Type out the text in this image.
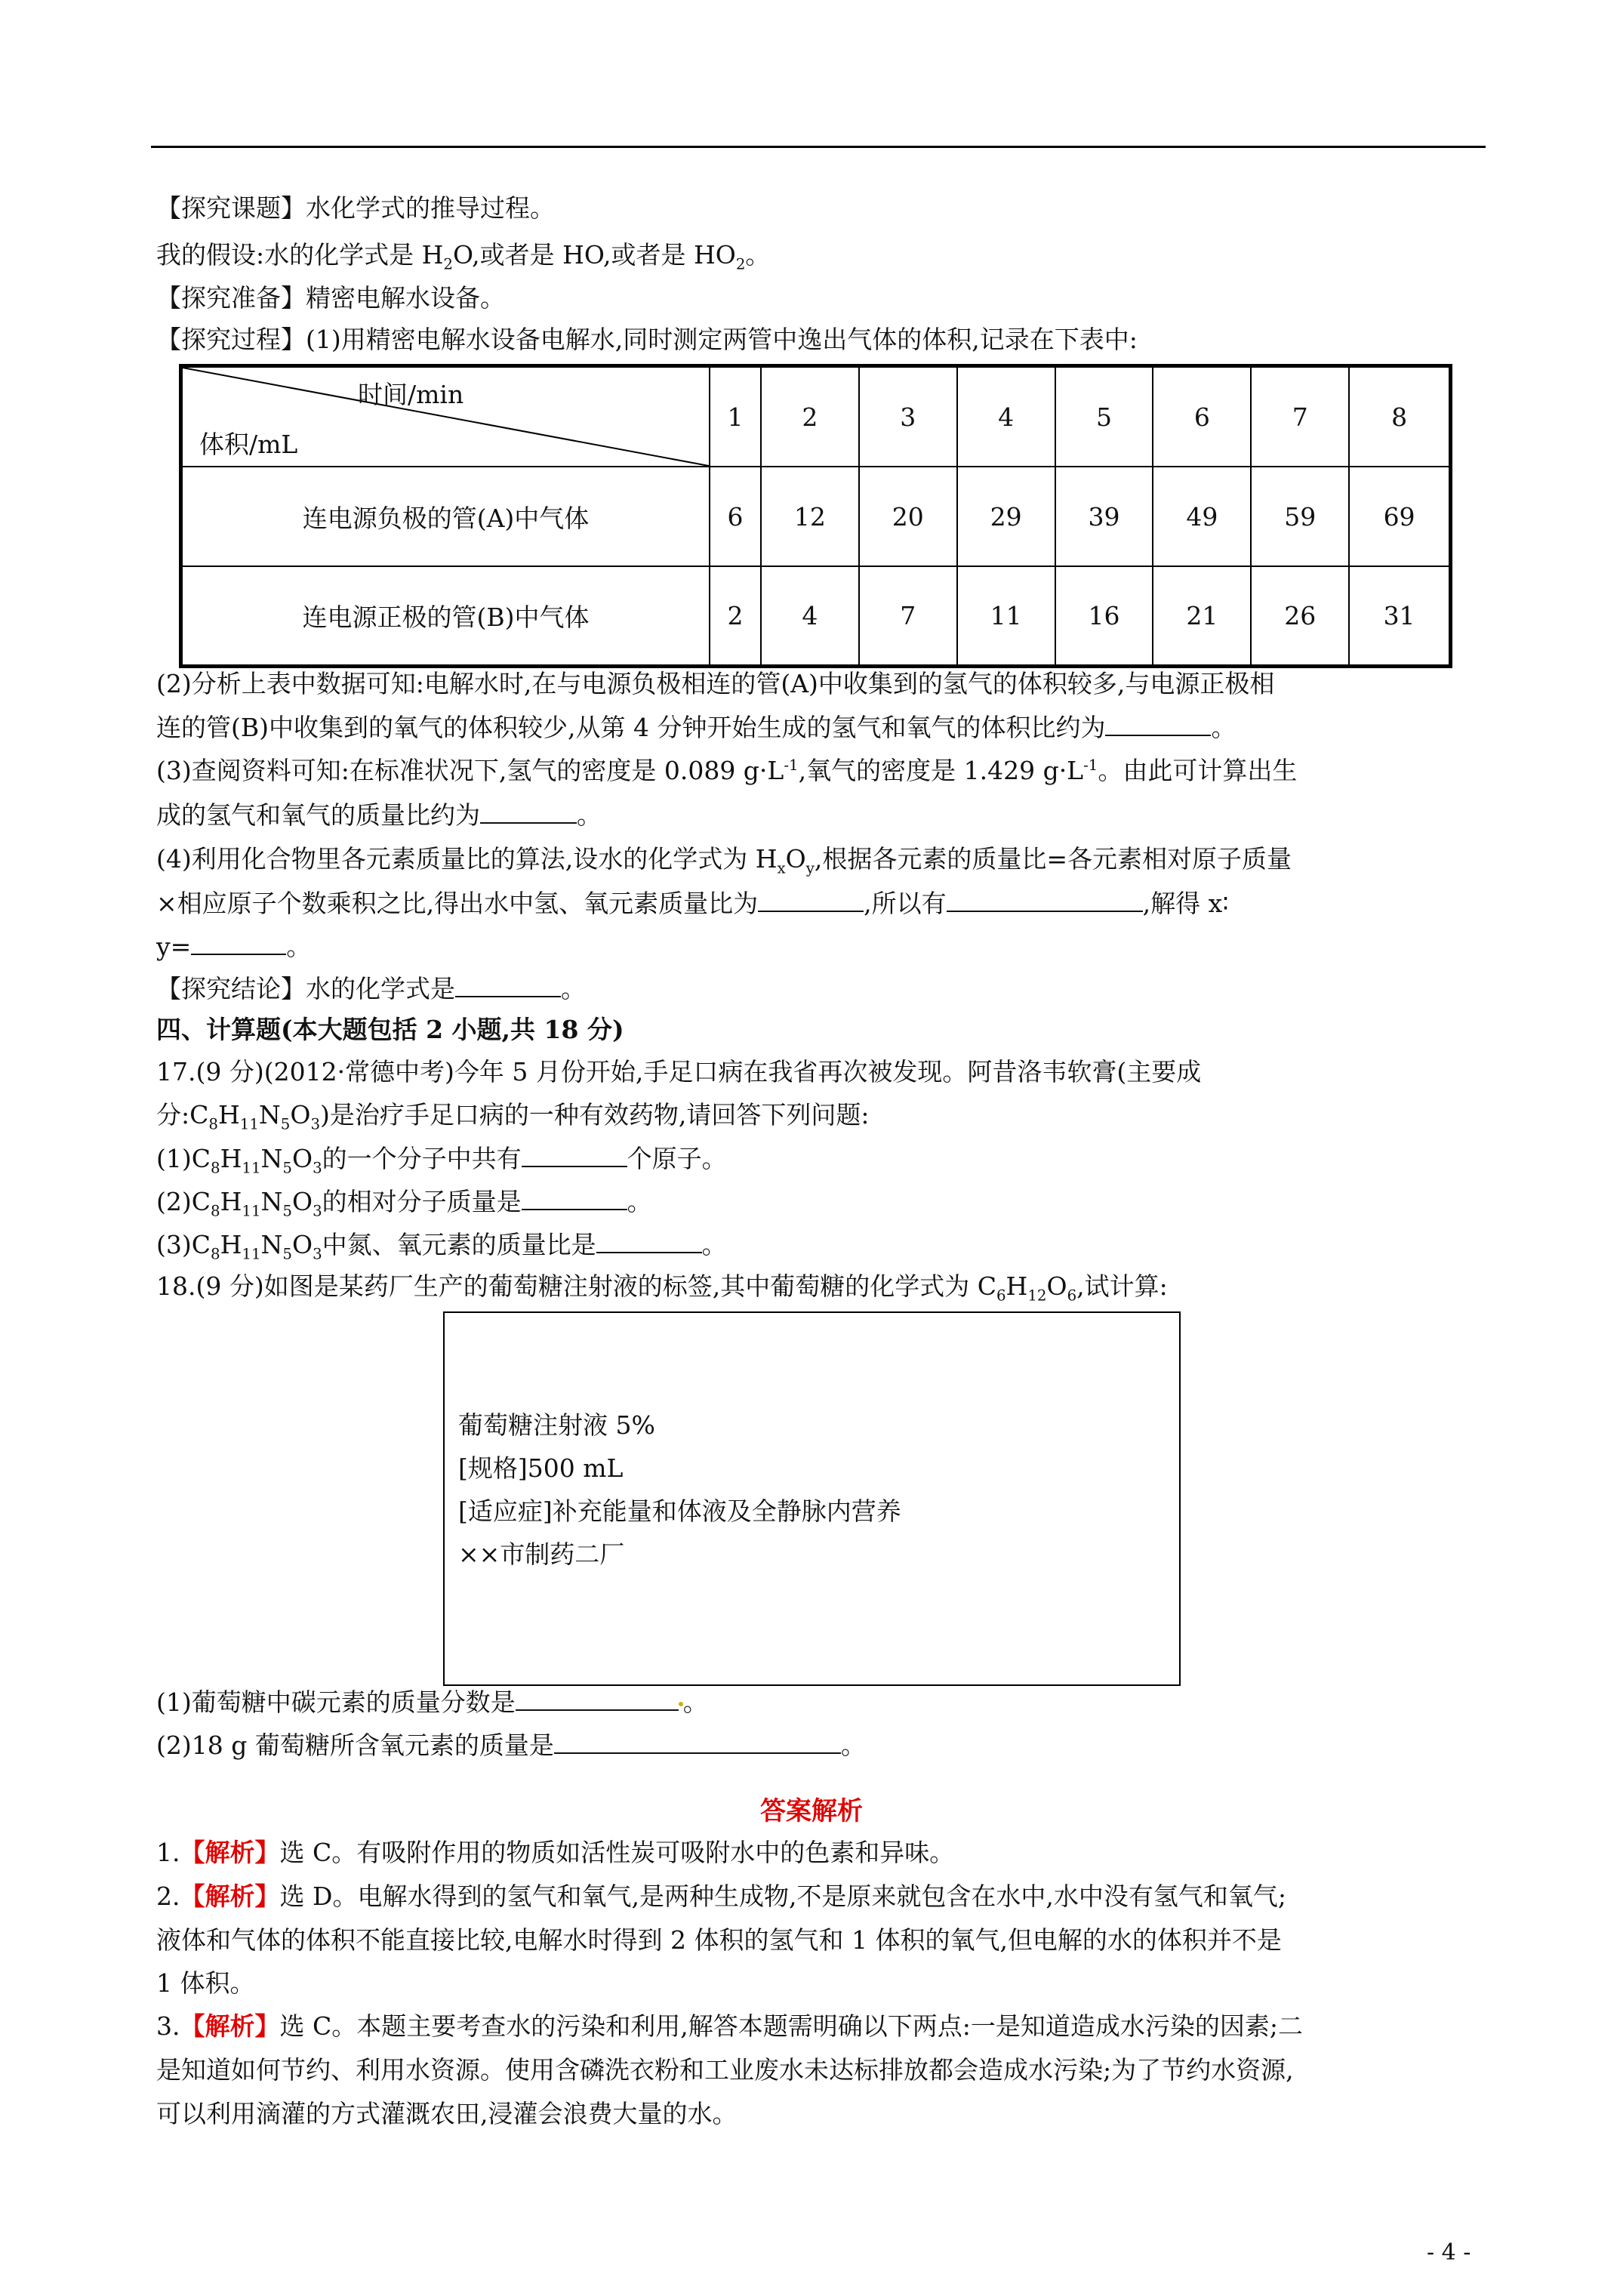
【探究课题】水化学式的推导过程。
我的假设:水的化学式是 $H_2O$,或者是 HO,或者是 $HO_2$。
【探究准备】精密电解水设备。
【探究过程】(1)用精密电解水设备电解水,同时测定两管中逸出气体的体积,记录在下表中:
时间/min
体积/mL	1	2	3	4	5	6	7	8
连电源负极的管(A)中气体	6	12	20	29	39	49	59	69
连电源正极的管(B)中气体	2	4	7	11	16	21	26	31
(2)分析上表中数据可知:电解水时,在与电源负极相连的管(A)中收集到的氢气的体积较多,与电源正极相
连的管(B)中收集到的氧气的体积较少,从第 4 分钟开始生成的氢气和氧气的体积比约为	。
(3)查阅资料可知:在标准状况下,氢气的密度是 0.089 $g\cdot L^{-1}$,氧气的密度是 1.429 $g\cdot L^{-1}$。由此可计算出生
成的氢气和氧气的质量比约为	。
(4)利用化合物里各元素质量比的算法,设水的化学式为 $H_xO_y$,根据各元素的质量比=各元素相对原子质量
×相应原子个数乘积之比,得出水中氢、氧元素质量比为	,所以有	,解得 x∶
y=	。
【探究结论】水的化学式是	。
四、计算题(本大题包括 2 小题,共 18 分)
17.(9 分)(2012·常德中考)今年 5 月份开始,手足口病在我省再次被发现。阿昔洛韦软膏(主要成
分$:C_8H_{11}N_5O_3$)是治疗手足口病的一种有效药物,请回答下列问题:
$(1)C_8H_{11}N_5O_3$的一个分子中共有	个原子。
$(2)C_8H_{11}N_5O_3$的相对分子质量是	。
$(3)C_8H_{11}N_5O_3$中氮、氧元素的质量比是	。
18.(9 分)如图是某药厂生产的葡萄糖注射液的标签,其中葡萄糖的化学式为 $C_6H_{12}O_6$,试计算:
葡萄糖注射液 5%
[规格]500 mL
[适应症]补充能量和体液及全静脉内营养
××市制药二厂
(1)葡萄糖中碳元素的质量分数是	。
(2)18 g 葡萄糖所含氧元素的质量是	。
答案解析
1.【解析】选 C。有吸附作用的物质如活性炭可吸附水中的色素和异味。
2.【解析】选 D。电解水得到的氢气和氧气,是两种生成物,不是原来就包含在水中,水中没有氢气和氧气;
液体和气体的体积不能直接比较,电解水时得到 2 体积的氢气和 1 体积的氧气,但电解的水的体积并不是
1 体积。
3.【解析】选 C。本题主要考查水的污染和利用,解答本题需明确以下两点:一是知道造成水污染的因素;二
是知道如何节约、利用水资源。使用含磷洗衣粉和工业废水未达标排放都会造成水污染;为了节约水资源,
可以利用滴灌的方式灌溉农田,浸灌会浪费大量的水。
- 4 -
